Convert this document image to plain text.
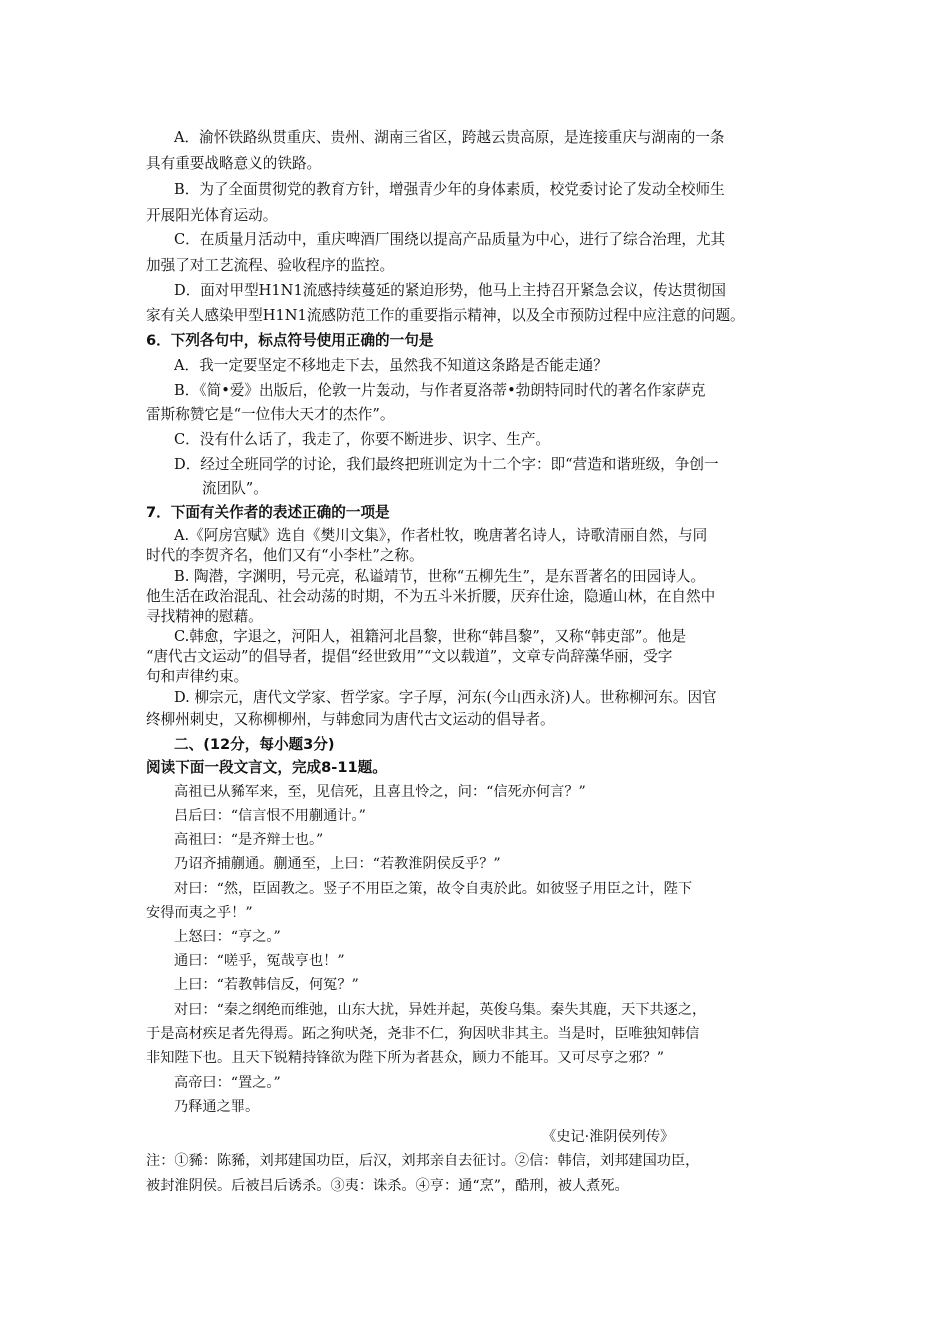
A．渝怀铁路纵贯重庆、贵州、湖南三省区，跨越云贵高原，是连接重庆与湖南的一条
具有重要战略意义的铁路。
B．为了全面贯彻党的教育方针，增强青少年的身体素质，校党委讨论了发动全校师生
开展阳光体育运动。
C．在质量月活动中，重庆啤酒厂围绕以提高产品质量为中心，进行了综合治理，尤其
加强了对工艺流程、验收程序的监控。
D．面对甲型H1N1流感持续蔓延的紧迫形势，他马上主持召开紧急会议，传达贯彻国
家有关人感染甲型H1N1流感防范工作的重要指示精神，以及全市预防过程中应注意的问题。
6．下列各句中，标点符号使用正确的一句是
A．我一定要坚定不移地走下去，虽然我不知道这条路是否能走通？
B．《简•爱》出版后，伦敦一片轰动，与作者夏洛蒂•勃朗特同时代的著名作家萨克
雷斯称赞它是“一位伟大天才的杰作”。
C．没有什么话了，我走了，你要不断进步、识字、生产。
D．经过全班同学的讨论，我们最终把班训定为十二个字：即“营造和谐班级，争创一
流团队”。
7．下面有关作者的表述正确的一项是
A.《阿房宫赋》选自《樊川文集》，作者杜牧，晚唐著名诗人，诗歌清丽自然，与同
时代的李贺齐名，他们又有“小李杜”之称。
B. 陶潜，字渊明，号元亮，私谥靖节，世称“五柳先生”，是东晋著名的田园诗人。
他生活在政治混乱、社会动荡的时期，不为五斗米折腰，厌弃仕途，隐遁山林，在自然中
寻找精神的慰藉。
C.韩愈，字退之，河阳人，祖籍河北昌黎，世称“韩昌黎”，又称“韩吏部”。他是
“唐代古文运动”的倡导者，提倡“经世致用”“文以载道”，文章专尚辞藻华丽，受字
句和声律约束。
D. 柳宗元，唐代文学家、哲学家。字子厚，河东(今山西永济)人。世称柳河东。因官
终柳州刺史，又称柳柳州，与韩愈同为唐代古文运动的倡导者。
二、(12分，每小题3分)
阅读下面一段文言文，完成8-11题。
高祖已从豨军来，至，见信死，且喜且怜之，问：“信死亦何言？”
吕后曰：“信言恨不用蒯通计。”
高祖曰：“是齐辩士也。”
乃诏齐捕蒯通。蒯通至，上曰：“若教淮阴侯反乎？”
对曰：“然，臣固教之。竖子不用臣之策，故令自夷於此。如彼竖子用臣之计，陛下
安得而夷之乎！”
上怒曰：“亨之。”
通曰：“嗟乎，冤哉亨也！”
上曰：“若教韩信反，何冤？”
对曰：“秦之纲绝而维弛，山东大扰，异姓并起，英俊乌集。秦失其鹿，天下共逐之，
于是高材疾足者先得焉。跖之狗吠尧，尧非不仁，狗因吠非其主。当是时，臣唯独知韩信
非知陛下也。且天下锐精持锋欲为陛下所为者甚众，顾力不能耳。又可尽亨之邪？”
高帝曰：“置之。”
乃释通之罪。
《史记·淮阴侯列传》
注：①豨：陈豨，刘邦建国功臣，后汉，刘邦亲自去征讨。②信：韩信，刘邦建国功臣，
被封淮阴侯。后被吕后诱杀。③夷：诛杀。④亨：通“烹”，酷刑，被人煮死。
